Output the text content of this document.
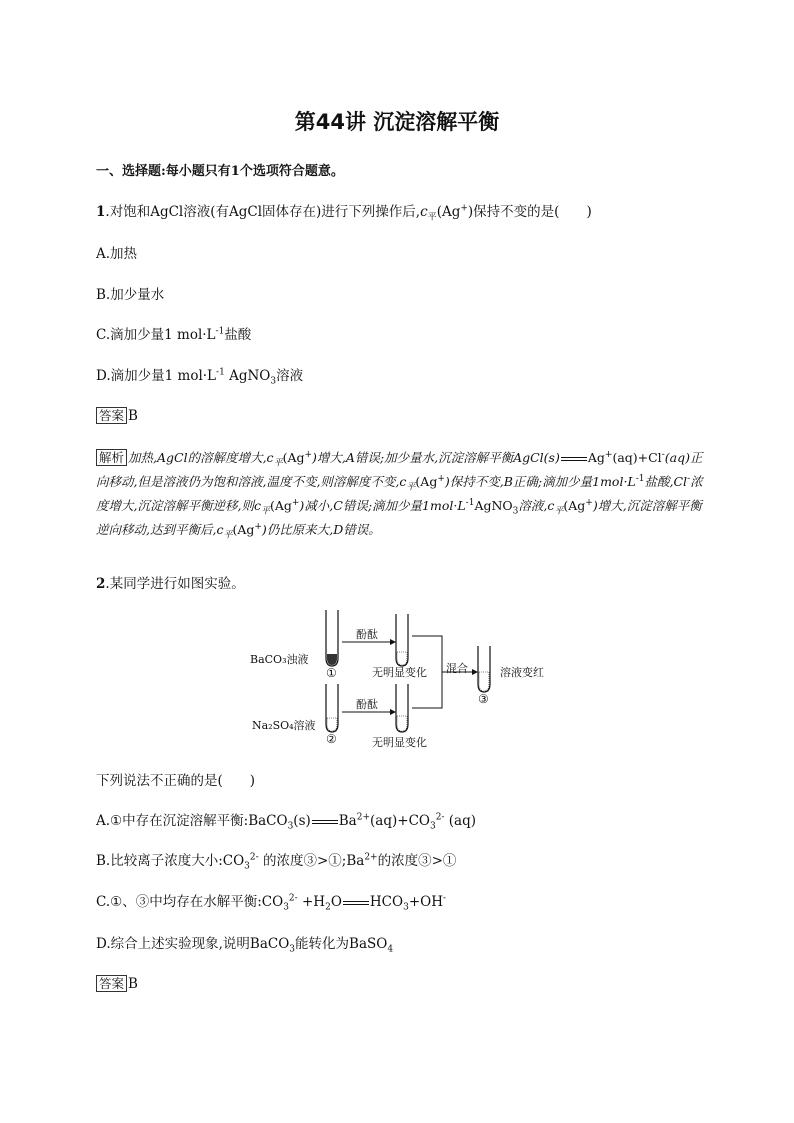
第44讲 沉淀溶解平衡
一、选择题:每小题只有1个选项符合题意。
1.对饱和AgCl溶液(有AgCl固体存在)进行下列操作后$,c_平(Ag^+)$保持不变的是(　　)
A.加热
B.加少量水
C.滴加少量1 $mol\cdot L^{-1}$盐酸
D.滴加少量1 $mol\cdot L^{-1}$ AgNO$_3$溶液
答案 B
解析 加热,AgCl的溶解度增大$,c_平(Ag^+)$增大,A错误;加少量水,沉淀溶解平衡AgCl(s) Ag+(aq)+Cl-(aq)正向移动,但是溶液仍为饱和溶液,温度不变,则溶解度不变$,c_平(Ag^+)$保持不变,B正确;滴加少量$1mol\cdot L^{-1}$盐酸,Cl-浓度增大,沉淀溶解平衡逆移,则$c_平(Ag^+)$减小,C错误;滴加少量$1mol\cdot L^{-1}AgNO_3$溶液$,c_平(Ag^+)$增大,沉淀溶解平衡逆向移动,达到平衡后$,c_平(Ag^+)$仍比原来大,D错误。
2.某同学进行如图实验。
BaCO₃浊液
Na₂SO₄溶液
酚酞
酚酞
无明显变化
无明显变化
混合	溶液变红
①
②
③
下列说法不正确的是(　　)
A.①中存在沉淀溶解平衡:BaCO$_3$(s) $Ba^{2+}(aq)+CO_3^{2-}$ (aq)
B.比较离子浓度大小$:CO_3^{2-}$ 的浓度$③>①;Ba^{2+}$的浓度③>①
C.①、③中均存在水解平衡$:CO_3^{2-} +H_2O$ $HCO_3+OH^-$
D.综合上述实验现象,说明BaCO$_3$能转化为BaSO$_4$
答案 B
